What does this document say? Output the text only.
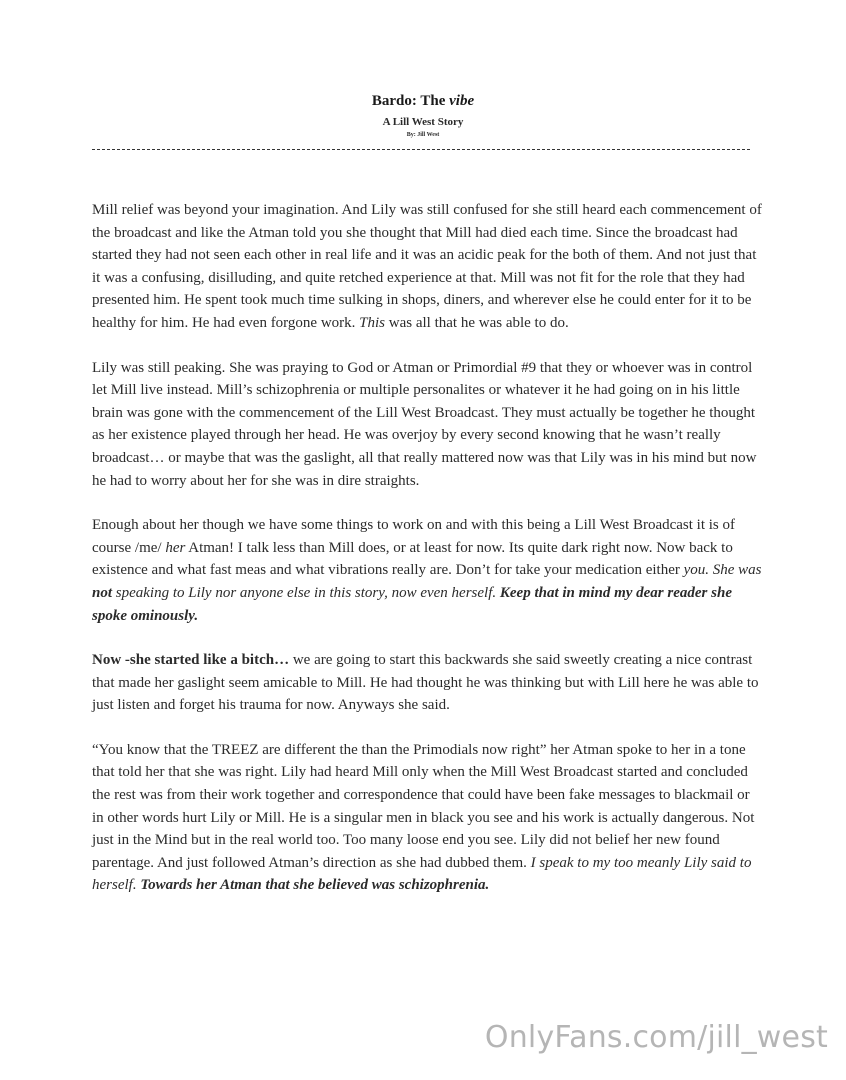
Bardo: The vibe
A Lill West Story
By: Jill West

Mill relief was beyond your imagination. And Lily was still confused for she still heard each commencement of the broadcast and like the Atman told you she thought that Mill had died each time. Since the broadcast had started they had not seen each other in real life and it was an acidic peak for the both of them. And not just that it was a confusing, disilluding, and quite retched experience at that. Mill was not fit for the role that they had presented him. He spent took much time sulking in shops, diners, and wherever else he could enter for it to be healthy for him. He had even forgone work. This was all that he was able to do.

Lily was still peaking. She was praying to God or Atman or Primordial #9 that they or whoever was in control let Mill live instead. Mill’s schizophrenia or multiple personalites or whatever it he had going on in his little brain was gone with the commencement of the Lill West Broadcast. They must actually be together he thought as her existence played through her head. He was overjoy by every second knowing that he wasn’t really broadcast… or maybe that was the gaslight, all that really mattered now was that Lily was in his mind but now he had to worry about her for she was in dire straights.

Enough about her though we have some things to work on and with this being a Lill West Broadcast it is of course /me/ her Atman! I talk less than Mill does, or at least for now. Its quite dark right now. Now back to existence and what fast meas and what vibrations really are. Don’t for take your medication either you. She was not speaking to Lily nor anyone else in this story, now even herself. Keep that in mind my dear reader she spoke ominously.

Now -she started like a bitch… we are going to start this backwards she said sweetly creating a nice contrast that made her gaslight seem amicable to Mill. He had thought he was thinking but with Lill here he was able to just listen and forget his trauma for now. Anyways she said.

“You know that the TREEZ are different the than the Primodials now right” her Atman spoke to her in a tone that told her that she was right. Lily had heard Mill only when the Mill West Broadcast started and concluded the rest was from their work together and correspondence that could have been fake messages to blackmail or in other words hurt Lily or Mill. He is a singular men in black you see and his work is actually dangerous. Not just in the Mind but in the real world too. Too many loose end you see. Lily did not belief her new found parentage. And just followed Atman’s direction as she had dubbed them. I speak to my too meanly Lily said to herself. Towards her Atman that she believed was schizophrenia.

OnlyFans.com/jill_west
